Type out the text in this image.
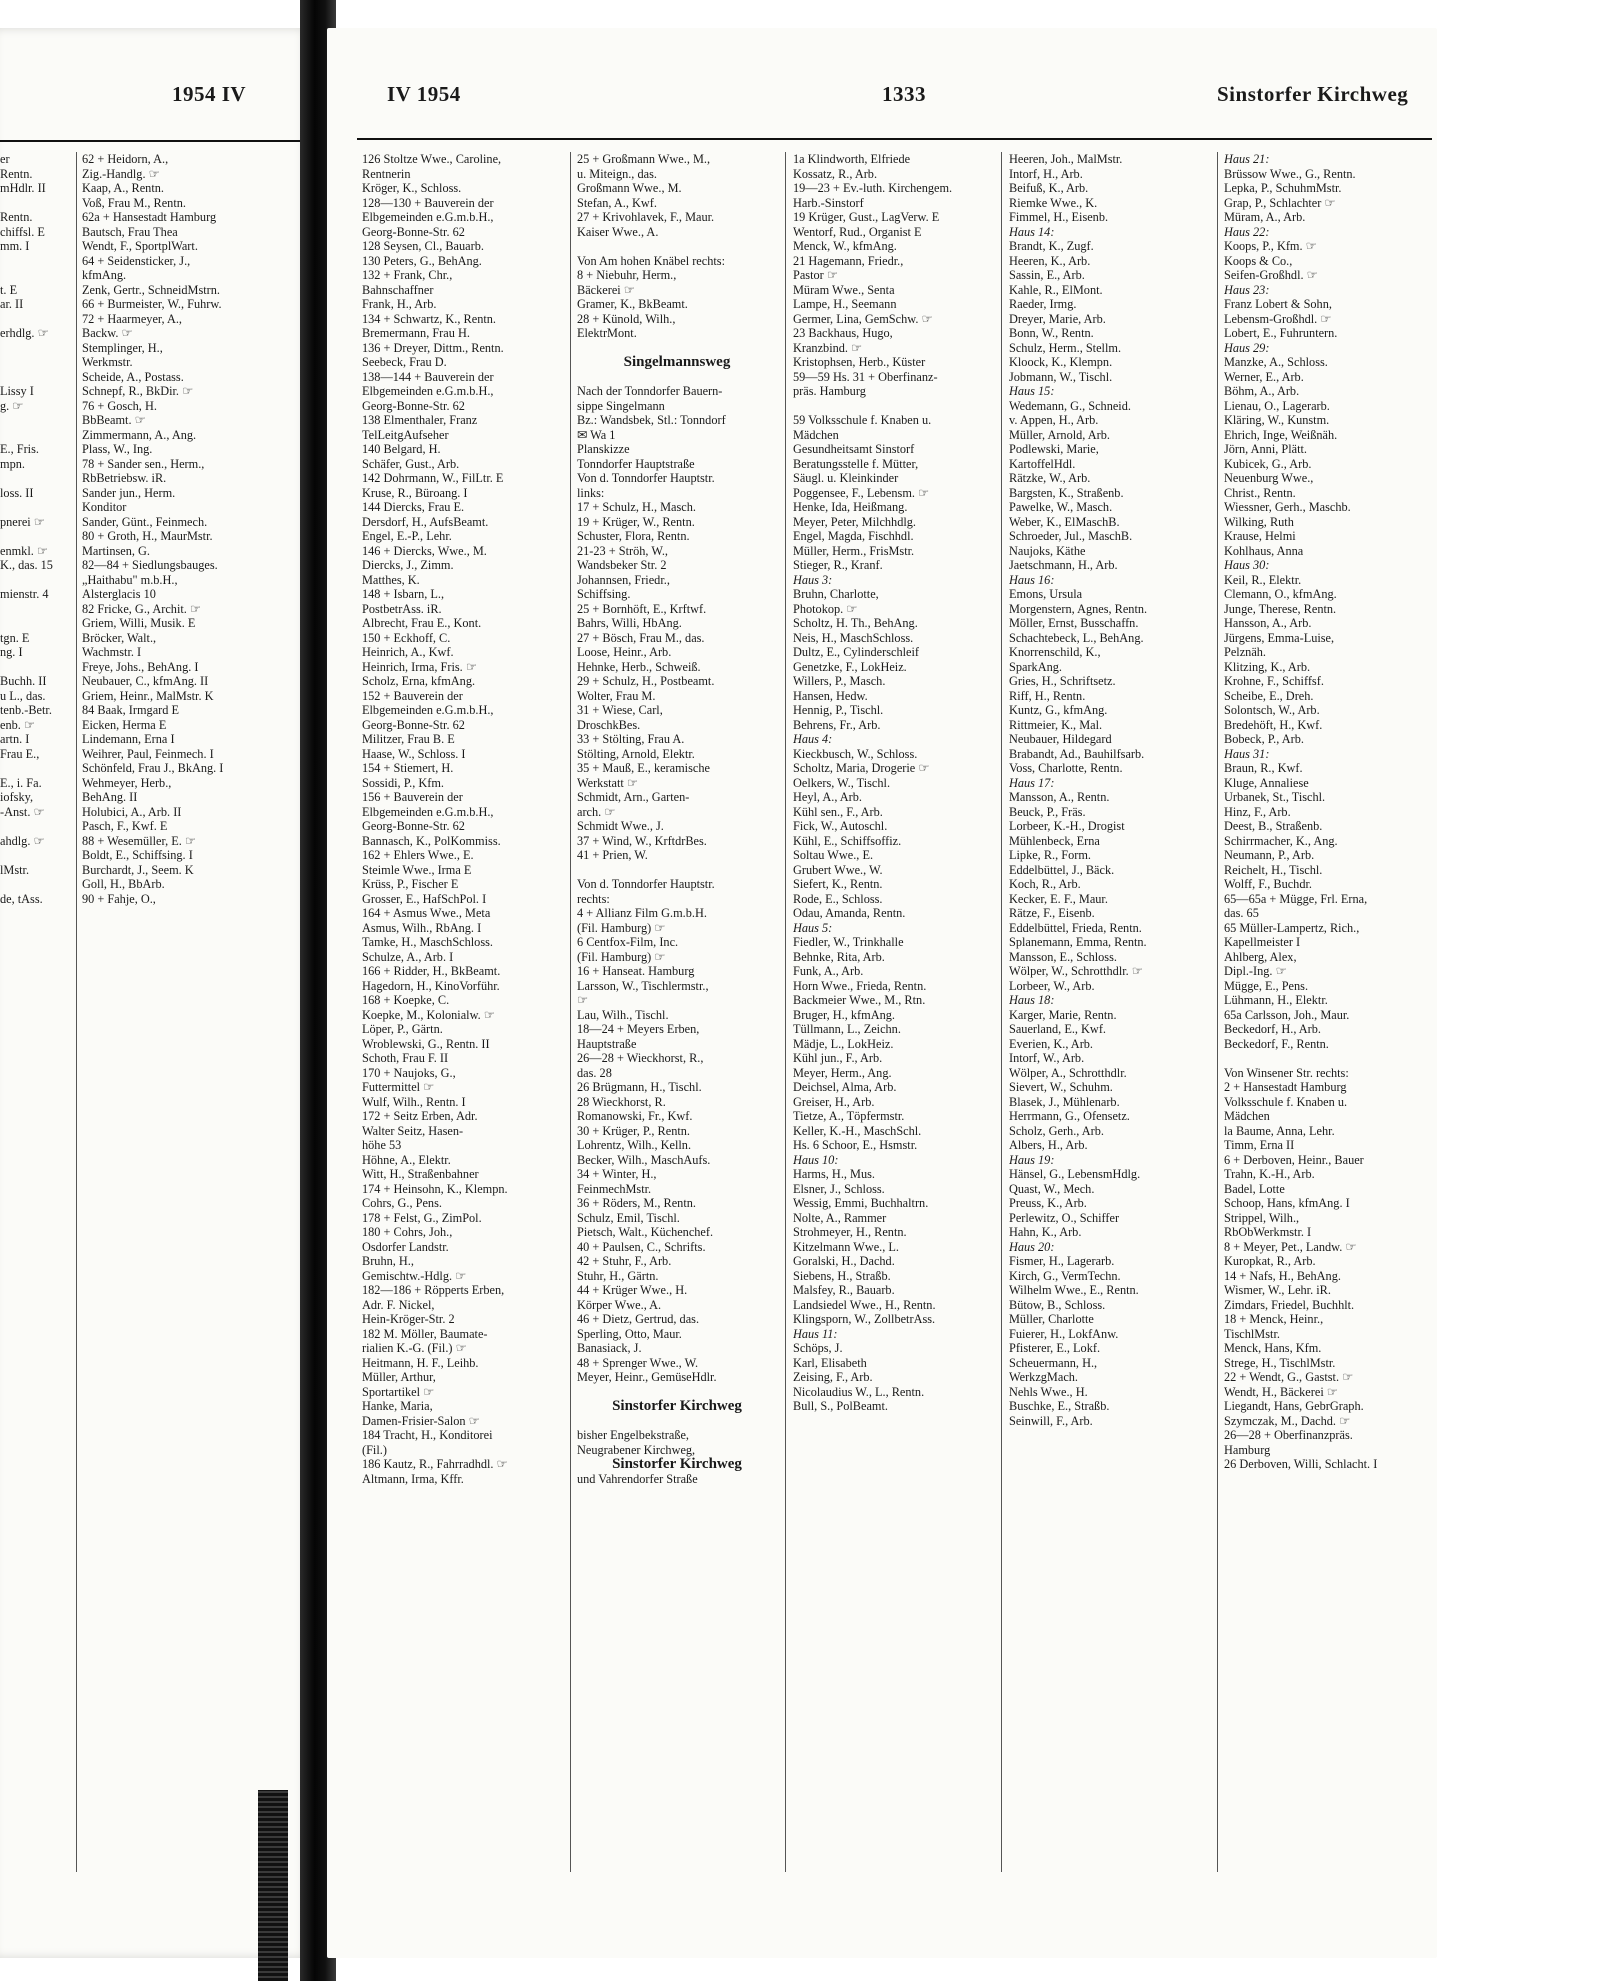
1954 IV
er
Rentn.
mHdlr. II
Rentn.
chiffsl. E
mm. I
t. E
ar. II
erhdlg. ☞
Lissy I
g. ☞
E., Fris.
mpn.
loss. II
pnerei ☞
enmkl. ☞
K., das. 15
mienstr. 4
tgn. E
ng. I
Buchh. II
u L., das.
tenb.-Betr.
enb. ☞
artn. I
Frau E.,
E., i. Fa.
iofsky,
-Anst. ☞
ahdlg. ☞
lMstr.
de, tAss.
62 + Heidorn, A.,
Zig.-Handlg. ☞
Kaap, A., Rentn.
Voß, Frau M., Rentn.
62a + Hansestadt Hamburg
Bautsch, Frau Thea
Wendt, F., SportplWart.
64 + Seidensticker, J.,
kfmAng.
Zenk, Gertr., SchneidMstrn.
66 + Burmeister, W., Fuhrw.
72 + Haarmeyer, A.,
Backw. ☞
Stemplinger, H.,
Werkmstr.
Scheide, A., Postass.
Schnepf, R., BkDir. ☞
76 + Gosch, H.
BbBeamt. ☞
Zimmermann, A., Ang.
Plass, W., Ing.
78 + Sander sen., Herm.,
RbBetriebsw. iR.
Sander jun., Herm.
Konditor
Sander, Günt., Feinmech.
80 + Groth, H., MaurMstr.
Martinsen, G.
82—84 + Siedlungsbauges.
„Haithabu" m.b.H.,
Alsterglacis 10
82 Fricke, G., Archit. ☞
Griem, Willi, Musik. E
Bröcker, Walt.,
Wachmstr. I
Freye, Johs., BehAng. I
Neubauer, C., kfmAng. II
Griem, Heinr., MalMstr. K
84 Baak, Irmgard E
Eicken, Herma E
Lindemann, Erna I
Weihrer, Paul, Feinmech. I
Schönfeld, Frau J., BkAng. I
Wehmeyer, Herb.,
BehAng. II
Holubici, A., Arb. II
Pasch, F., Kwf. E
88 + Wesemüller, E. ☞
Boldt, E., Schiffsing. I
Burchardt, J., Seem. K
Goll, H., BbArb.
90 + Fahje, O.,
IV 1954	1333	Sinstorfer Kirchweg
126 Stoltze Wwe., Caroline,
Rentnerin
Kröger, K., Schloss.
128—130 + Bauverein der
Elbgemeinden e.G.m.b.H.,
Georg-Bonne-Str. 62
128 Seysen, Cl., Bauarb.
130 Peters, G., BehAng.
132 + Frank, Chr.,
Bahnschaffner
Frank, H., Arb.
134 + Schwartz, K., Rentn.
Bremermann, Frau H.
136 + Dreyer, Dittm., Rentn.
Seebeck, Frau D.
138—144 + Bauverein der
Elbgemeinden e.G.m.b.H.,
Georg-Bonne-Str. 62
138 Elmenthaler, Franz
TelLeitgAufseher
140 Belgard, H.
Schäfer, Gust., Arb.
142 Dohrmann, W., FilLtr. E
Kruse, R., Büroang. I
144 Diercks, Frau E.
Dersdorf, H., AufsBeamt.
Engel, E.-P., Lehr.
146 + Diercks, Wwe., M.
Diercks, J., Zimm.
Matthes, K.
148 + Isbarn, L.,
PostbetrAss. iR.
Albrecht, Frau E., Kont.
150 + Eckhoff, C.
Heinrich, A., Kwf.
Heinrich, Irma, Fris. ☞
Scholz, Erna, kfmAng.
152 + Bauverein der
Elbgemeinden e.G.m.b.H.,
Georg-Bonne-Str. 62
Militzer, Frau B. E
Haase, W., Schloss. I
154 + Stiemert, H.
Sossidi, P., Kfm.
156 + Bauverein der
Elbgemeinden e.G.m.b.H.,
Georg-Bonne-Str. 62
Bannasch, K., PolKommiss.
162 + Ehlers Wwe., E.
Steimle Wwe., Irma E
Krüss, P., Fischer E
Grosser, E., HafSchPol. I
164 + Asmus Wwe., Meta
Asmus, Wilh., RbAng. I
Tamke, H., MaschSchloss.
Schulze, A., Arb. I
166 + Ridder, H., BkBeamt.
Hagedorn, H., KinoVorführ.
168 + Koepke, C.
Koepke, M., Kolonialw. ☞
Löper, P., Gärtn.
Wroblewski, G., Rentn. II
Schoth, Frau F. II
170 + Naujoks, G.,
Futtermittel ☞
Wulf, Wilh., Rentn. I
172 + Seitz Erben, Adr.
Walter Seitz, Hasen-
höhe 53
Höhne, A., Elektr.
Witt, H., Straßenbahner
174 + Heinsohn, K., Klempn.
Cohrs, G., Pens.
178 + Felst, G., ZimPol.
180 + Cohrs, Joh.,
Osdorfer Landstr.
Bruhn, H.,
Gemischtw.-Hdlg. ☞
182—186 + Röpperts Erben,
Adr. F. Nickel,
Hein-Kröger-Str. 2
182 M. Möller, Baumate-
rialien K.-G. (Fil.) ☞
Heitmann, H. F., Leihb.
Müller, Arthur,
Sportartikel ☞
Hanke, Maria,
Damen-Frisier-Salon ☞
184 Tracht, H., Konditorei
(Fil.)
186 Kautz, R., Fahrradhdl. ☞
Altmann, Irma, Kffr.
25 + Großmann Wwe., M.,
u. Miteign., das.
Großmann Wwe., M.
Stefan, A., Kwf.
27 + Krivohlavek, F., Maur.
Kaiser Wwe., A.
Von Am hohen Knäbel rechts:
8 + Niebuhr, Herm.,
Bäckerei ☞
Gramer, K., BkBeamt.
28 + Künold, Wilh.,
ElektrMont.
Singelmannsweg
Nach der Tonndorfer Bauern-
sippe Singelmann
Bz.: Wandsbek, Stl.: Tonndorf
✉ Wa 1
Planskizze
Tonndorfer Hauptstraße
Von d. Tonndorfer Hauptstr.
links:
17 + Schulz, H., Masch.
19 + Krüger, W., Rentn.
Schuster, Flora, Rentn.
21-23 + Ströh, W.,
Wandsbeker Str. 2
Johannsen, Friedr.,
Schiffsing.
25 + Bornhöft, E., Krftwf.
Bahrs, Willi, HbAng.
27 + Bösch, Frau M., das.
Loose, Heinr., Arb.
Hehnke, Herb., Schweiß.
29 + Schulz, H., Postbeamt.
Wolter, Frau M.
31 + Wiese, Carl,
DroschkBes.
33 + Stölting, Frau A.
Stölting, Arnold, Elektr.
35 + Mauß, E., keramische
Werkstatt ☞
Schmidt, Arn., Garten-
arch. ☞
Schmidt Wwe., J.
37 + Wind, W., KrftdrBes.
41 + Prien, W.
Von d. Tonndorfer Hauptstr.
rechts:
4 + Allianz Film G.m.b.H.
(Fil. Hamburg) ☞
6 Centfox-Film, Inc.
(Fil. Hamburg) ☞
16 + Hanseat. Hamburg
Larsson, W., Tischlermstr.,
☞
Lau, Wilh., Tischl.
18—24 + Meyers Erben,
Hauptstraße
26—28 + Wieckhorst, R.,
das. 28
26 Brügmann, H., Tischl.
28 Wieckhorst, R.
Romanowski, Fr., Kwf.
30 + Krüger, P., Rentn.
Lohrentz, Wilh., Kelln.
Becker, Wilh., MaschAufs.
34 + Winter, H.,
FeinmechMstr.
36 + Röders, M., Rentn.
Schulz, Emil, Tischl.
Pietsch, Walt., Küchenchef.
40 + Paulsen, C., Schrifts.
42 + Stuhr, F., Arb.
Stuhr, H., Gärtn.
44 + Krüger Wwe., H.
Körper Wwe., A.
46 + Dietz, Gertrud, das.
Sperling, Otto, Maur.
Banasiack, J.
48 + Sprenger Wwe., W.
Meyer, Heinr., GemüseHdlr.
Sinstorfer Kirchweg
bisher Engelbekstraße,
Neugrabener Kirchweg,
Sinstorfer Kirchweg
und Vahrendorfer Straße
1a Klindworth, Elfriede
Kossatz, R., Arb.
19—23 + Ev.-luth. Kirchengem.
Harb.-Sinstorf
19 Krüger, Gust., LagVerw. E
Wentorf, Rud., Organist E
Menck, W., kfmAng.
21 Hagemann, Friedr.,
Pastor ☞
Müram Wwe., Senta
Lampe, H., Seemann
Germer, Lina, GemSchw. ☞
23 Backhaus, Hugo,
Kranzbind. ☞
Kristophsen, Herb., Küster
59—59 Hs. 31 + Oberfinanz-
präs. Hamburg
59 Volksschule f. Knaben u.
Mädchen
Gesundheitsamt Sinstorf
Beratungsstelle f. Mütter,
Säugl. u. Kleinkinder
Poggensee, F., Lebensm. ☞
Henke, Ida, Heißmang.
Meyer, Peter, Milchhdlg.
Engel, Magda, Fischhdl.
Müller, Herm., FrisMstr.
Stieger, R., Kranf.
Haus 3:
Bruhn, Charlotte,
Photokop. ☞
Scholtz, H. Th., BehAng.
Neis, H., MaschSchloss.
Dultz, E., Cylinderschleif
Genetzke, F., LokHeiz.
Willers, P., Masch.
Hansen, Hedw.
Hennig, P., Tischl.
Behrens, Fr., Arb.
Haus 4:
Kieckbusch, W., Schloss.
Scholtz, Maria, Drogerie ☞
Oelkers, W., Tischl.
Heyl, A., Arb.
Kühl sen., F., Arb.
Fick, W., Autoschl.
Kühl, E., Schiffsoffiz.
Soltau Wwe., E.
Grubert Wwe., W.
Siefert, K., Rentn.
Rode, E., Schloss.
Odau, Amanda, Rentn.
Haus 5:
Fiedler, W., Trinkhalle
Behnke, Rita, Arb.
Funk, A., Arb.
Horn Wwe., Frieda, Rentn.
Backmeier Wwe., M., Rtn.
Bruger, H., kfmAng.
Tüllmann, L., Zeichn.
Mädje, L., LokHeiz.
Kühl jun., F., Arb.
Meyer, Herm., Ang.
Deichsel, Alma, Arb.
Greiser, H., Arb.
Tietze, A., Töpfermstr.
Keller, K.-H., MaschSchl.
Hs. 6 Schoor, E., Hsmstr.
Haus 10:
Harms, H., Mus.
Elsner, J., Schloss.
Wessig, Emmi, Buchhaltrn.
Nolte, A., Rammer
Strohmeyer, H., Rentn.
Kitzelmann Wwe., L.
Goralski, H., Dachd.
Siebens, H., Straßb.
Malsfey, R., Bauarb.
Landsiedel Wwe., H., Rentn.
Klingsporn, W., ZollbetrAss.
Haus 11:
Schöps, J.
Karl, Elisabeth
Zeising, F., Arb.
Nicolaudius W., L., Rentn.
Bull, S., PolBeamt.
Heeren, Joh., MalMstr.
Intorf, H., Arb.
Beifuß, K., Arb.
Riemke Wwe., K.
Fimmel, H., Eisenb.
Haus 14:
Brandt, K., Zugf.
Heeren, K., Arb.
Sassin, E., Arb.
Kahle, R., ElMont.
Raeder, Irmg.
Dreyer, Marie, Arb.
Bonn, W., Rentn.
Schulz, Herm., Stellm.
Kloock, K., Klempn.
Jobmann, W., Tischl.
Haus 15:
Wedemann, G., Schneid.
v. Appen, H., Arb.
Müller, Arnold, Arb.
Podlewski, Marie,
KartoffelHdl.
Rätzke, W., Arb.
Bargsten, K., Straßenb.
Pawelke, W., Masch.
Weber, K., ElMaschB.
Schroeder, Jul., MaschB.
Naujoks, Käthe
Jaetschmann, H., Arb.
Haus 16:
Emons, Ursula
Morgenstern, Agnes, Rentn.
Möller, Ernst, Busschaffn.
Schachtebeck, L., BehAng.
Knorrenschild, K.,
SparkAng.
Gries, H., Schriftsetz.
Riff, H., Rentn.
Kuntz, G., kfmAng.
Rittmeier, K., Mal.
Neubauer, Hildegard
Brabandt, Ad., Bauhilfsarb.
Voss, Charlotte, Rentn.
Haus 17:
Mansson, A., Rentn.
Beuck, P., Fräs.
Lorbeer, K.-H., Drogist
Mühlenbeck, Erna
Lipke, R., Form.
Eddelbüttel, J., Bäck.
Koch, R., Arb.
Kecker, E. F., Maur.
Rätze, F., Eisenb.
Eddelbüttel, Frieda, Rentn.
Splanemann, Emma, Rentn.
Mansson, E., Schloss.
Wölper, W., Schrotthdlr. ☞
Lorbeer, W., Arb.
Haus 18:
Karger, Marie, Rentn.
Sauerland, E., Kwf.
Everien, K., Arb.
Intorf, W., Arb.
Wölper, A., Schrotthdlr.
Sievert, W., Schuhm.
Blasek, J., Mühlenarb.
Herrmann, G., Ofensetz.
Scholz, Gerh., Arb.
Albers, H., Arb.
Haus 19:
Hänsel, G., LebensmHdlg.
Quast, W., Mech.
Preuss, K., Arb.
Perlewitz, O., Schiffer
Hahn, K., Arb.
Haus 20:
Fismer, H., Lagerarb.
Kirch, G., VermTechn.
Wilhelm Wwe., E., Rentn.
Bütow, B., Schloss.
Müller, Charlotte
Fuierer, H., LokfAnw.
Pfisterer, E., Lokf.
Scheuermann, H.,
WerkzgMach.
Nehls Wwe., H.
Buschke, E., Straßb.
Seinwill, F., Arb.
Haus 21:
Brüssow Wwe., G., Rentn.
Lepka, P., SchuhmMstr.
Grap, P., Schlachter ☞
Müram, A., Arb.
Haus 22:
Koops, P., Kfm. ☞
Koops & Co.,
Seifen-Großhdl. ☞
Haus 23:
Franz Lobert & Sohn,
Lebensm-Großhdl. ☞
Lobert, E., Fuhruntern.
Haus 29:
Manzke, A., Schloss.
Werner, E., Arb.
Böhm, A., Arb.
Lienau, O., Lagerarb.
Kläring, W., Kunstm.
Ehrich, Inge, Weißnäh.
Jörn, Anni, Plätt.
Kubicek, G., Arb.
Neuenburg Wwe.,
Christ., Rentn.
Wiessner, Gerh., Maschb.
Wilking, Ruth
Krause, Helmi
Kohlhaus, Anna
Haus 30:
Keil, R., Elektr.
Clemann, O., kfmAng.
Junge, Therese, Rentn.
Hansson, A., Arb.
Jürgens, Emma-Luise,
Pelznäh.
Klitzing, K., Arb.
Krohne, F., Schiffsf.
Scheibe, E., Dreh.
Solontsch, W., Arb.
Bredehöft, H., Kwf.
Bobeck, P., Arb.
Haus 31:
Braun, R., Kwf.
Kluge, Annaliese
Urbanek, St., Tischl.
Hinz, F., Arb.
Deest, B., Straßenb.
Schirrmacher, K., Ang.
Neumann, P., Arb.
Reichelt, H., Tischl.
Wolff, F., Buchdr.
65—65a + Mügge, Frl. Erna,
das. 65
65 Müller-Lampertz, Rich.,
Kapellmeister I
Ahlberg, Alex,
Dipl.-Ing. ☞
Mügge, E., Pens.
Lühmann, H., Elektr.
65a Carlsson, Joh., Maur.
Beckedorf, H., Arb.
Beckedorf, F., Rentn.
Von Winsener Str. rechts:
2 + Hansestadt Hamburg
Volksschule f. Knaben u.
Mädchen
la Baume, Anna, Lehr.
Timm, Erna II
6 + Derboven, Heinr., Bauer
Trahn, K.-H., Arb.
Badel, Lotte
Schoop, Hans, kfmAng. I
Strippel, Wilh.,
RbObWerkmstr. I
8 + Meyer, Pet., Landw. ☞
Kuropkat, R., Arb.
14 + Nafs, H., BehAng.
Wismer, W., Lehr. iR.
Zimdars, Friedel, Buchhlt.
18 + Menck, Heinr.,
TischlMstr.
Menck, Hans, Kfm.
Strege, H., TischlMstr.
22 + Wendt, G., Gastst. ☞
Wendt, H., Bäckerei ☞
Liegandt, Hans, GebrGraph.
Szymczak, M., Dachd. ☞
26—28 + Oberfinanzpräs.
Hamburg
26 Derboven, Willi, Schlacht. I
